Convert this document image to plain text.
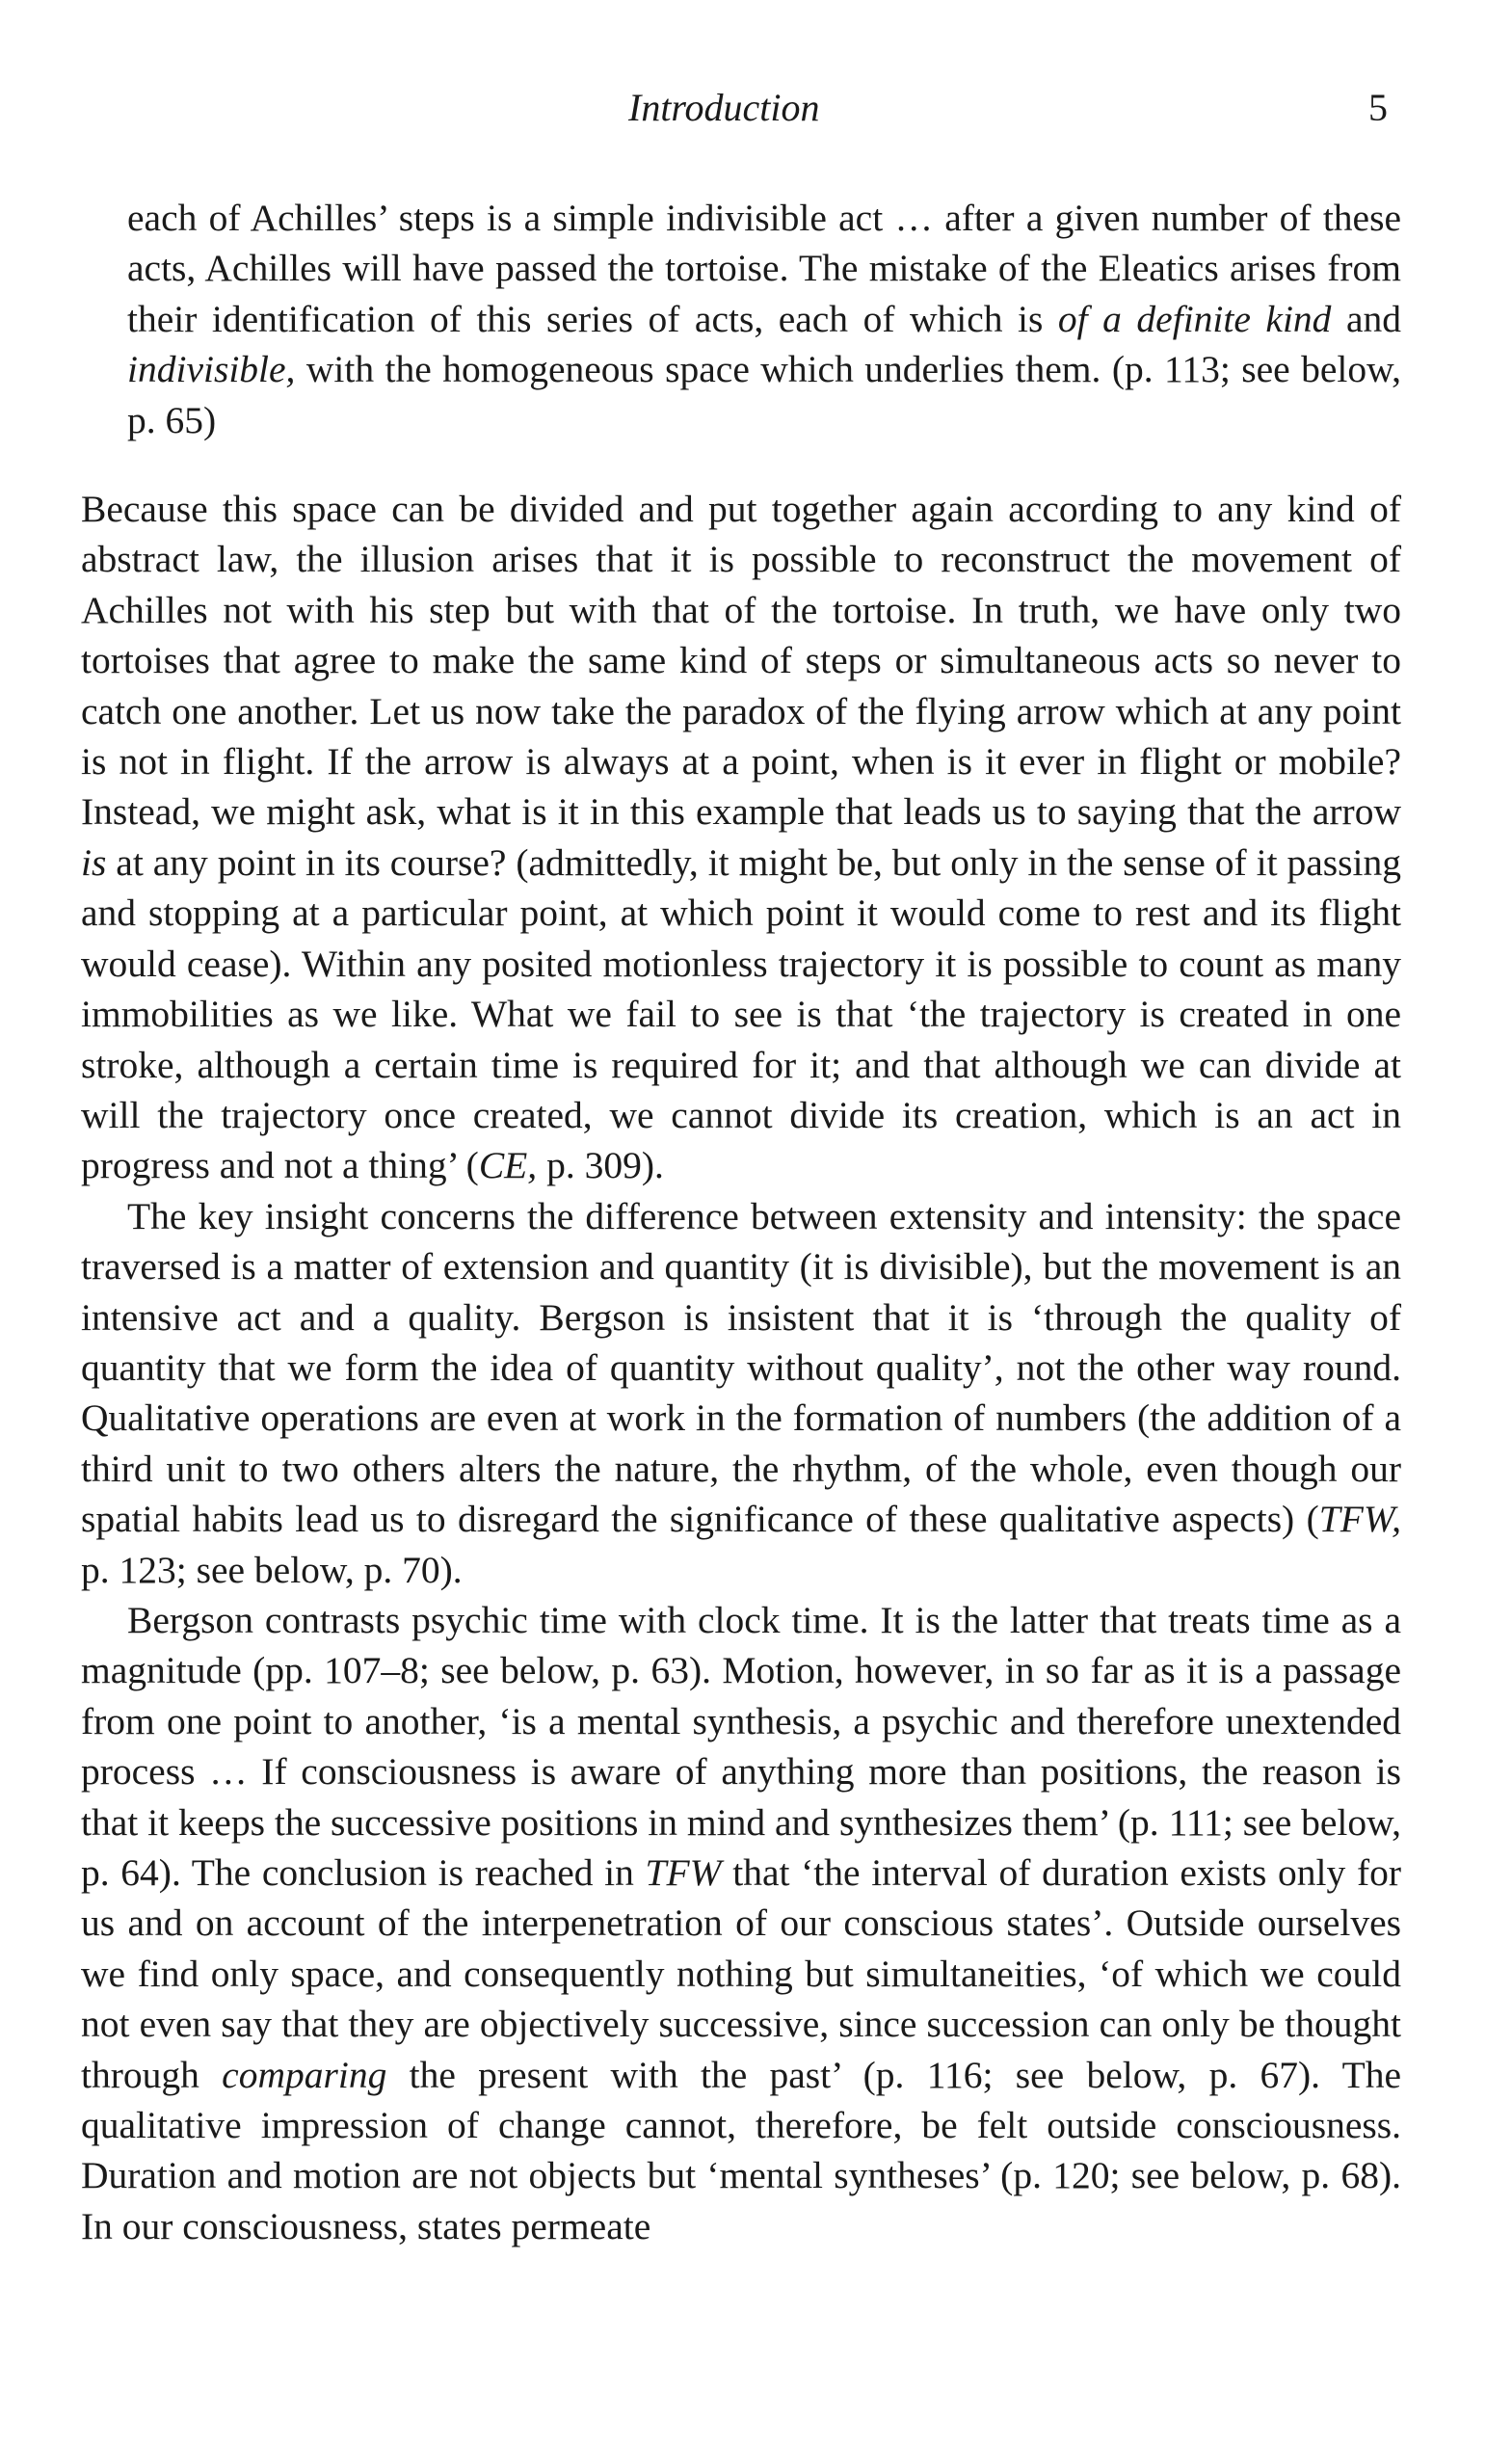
Introduction	5

each of Achilles’ steps is a simple indivisible act … after a given number of these acts, Achilles will have passed the tortoise. The mistake of the Eleatics arises from their identification of this series of acts, each of which is of a definite kind and indivisible, with the homogeneous space which underlies them. (p. 113; see below, p. 65)

Because this space can be divided and put together again according to any kind of abstract law, the illusion arises that it is possible to reconstruct the movement of Achilles not with his step but with that of the tortoise. In truth, we have only two tortoises that agree to make the same kind of steps or simultaneous acts so never to catch one another. Let us now take the paradox of the flying arrow which at any point is not in flight. If the arrow is always at a point, when is it ever in flight or mobile? Instead, we might ask, what is it in this example that leads us to saying that the arrow is at any point in its course? (admittedly, it might be, but only in the sense of it passing and stopping at a particular point, at which point it would come to rest and its flight would cease). Within any posited motionless trajectory it is possible to count as many immobilities as we like. What we fail to see is that ‘the trajectory is created in one stroke, although a certain time is required for it; and that although we can divide at will the trajectory once created, we cannot divide its creation, which is an act in progress and not a thing’ (CE, p. 309).

The key insight concerns the difference between extensity and intensity: the space traversed is a matter of extension and quantity (it is divisible), but the movement is an intensive act and a quality. Bergson is insistent that it is ‘through the quality of quantity that we form the idea of quantity without quality’, not the other way round. Qualitative operations are even at work in the formation of numbers (the addition of a third unit to two others alters the nature, the rhythm, of the whole, even though our spatial habits lead us to disregard the significance of these qualitative aspects) (TFW, p. 123; see below, p. 70).

Bergson contrasts psychic time with clock time. It is the latter that treats time as a magnitude (pp. 107–8; see below, p. 63). Motion, however, in so far as it is a passage from one point to another, ‘is a mental synthesis, a psychic and therefore unextended process … If consciousness is aware of anything more than positions, the reason is that it keeps the successive positions in mind and synthesizes them’ (p. 111; see below, p. 64). The conclusion is reached in TFW that ‘the interval of duration exists only for us and on account of the interpenetration of our conscious states’. Outside ourselves we find only space, and consequently nothing but simultaneities, ‘of which we could not even say that they are objectively successive, since succession can only be thought through comparing the present with the past’ (p. 116; see below, p. 67). The qualitative impression of change cannot, therefore, be felt outside consciousness. Duration and motion are not objects but ‘mental syntheses’ (p. 120; see below, p. 68). In our consciousness, states permeate
